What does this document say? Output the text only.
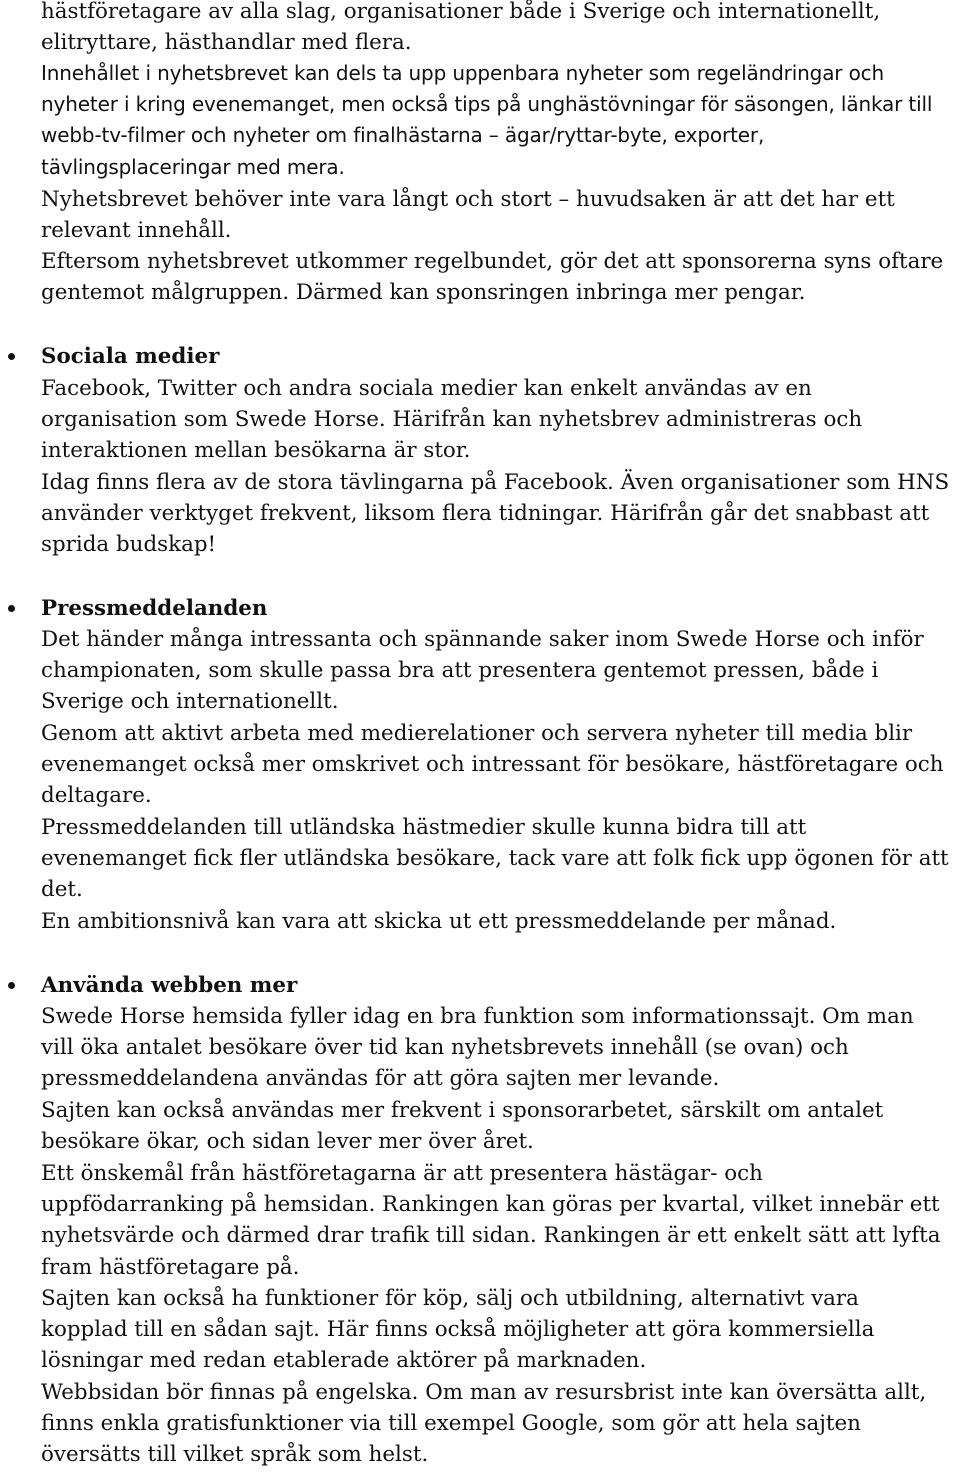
hästföretagare av alla slag, organisationer både i Sverige och internationellt, elitryttare, hästhandlar med flera.

Innehållet i nyhetsbrevet kan dels ta upp uppenbara nyheter som regeländringar och nyheter i kring evenemanget, men också tips på unghästövningar för säsongen, länkar till webb-tv-filmer och nyheter om finalhästarna – ägar/ryttar-byte, exporter, tävlingsplaceringar med mera.

Nyhetsbrevet behöver inte vara långt och stort – huvudsaken är att det har ett relevant innehåll.

Eftersom nyhetsbrevet utkommer regelbundet, gör det att sponsorerna syns oftare gentemot målgruppen. Därmed kan sponsringen inbringa mer pengar.

Sociala medier

Facebook, Twitter och andra sociala medier kan enkelt användas av en organisation som Swede Horse. Härifrån kan nyhetsbrev administreras och interaktionen mellan besökarna är stor.

Idag finns flera av de stora tävlingarna på Facebook. Även organisationer som HNS använder verktyget frekvent, liksom flera tidningar. Härifrån går det snabbast att sprida budskap!

Pressmeddelanden

Det händer många intressanta och spännande saker inom Swede Horse och inför championaten, som skulle passa bra att presentera gentemot pressen, både i Sverige och internationellt.

Genom att aktivt arbeta med medierelationer och servera nyheter till media blir evenemanget också mer omskrivet och intressant för besökare, hästföretagare och deltagare.

Pressmeddelanden till utländska hästmedier skulle kunna bidra till att evenemanget fick fler utländska besökare, tack vare att folk fick upp ögonen för att det.

En ambitionsnivå kan vara att skicka ut ett pressmeddelande per månad.

Använda webben mer

Swede Horse hemsida fyller idag en bra funktion som informationssajt. Om man vill öka antalet besökare över tid kan nyhetsbrevets innehåll (se ovan) och pressmeddelandena användas för att göra sajten mer levande.

Sajten kan också användas mer frekvent i sponsorarbetet, särskilt om antalet besökare ökar, och sidan lever mer över året.

Ett önskemål från hästföretagarna är att presentera hästägar- och uppfödarranking på hemsidan. Rankingen kan göras per kvartal, vilket innebär ett nyhetsvärde och därmed drar trafik till sidan. Rankingen är ett enkelt sätt att lyfta fram hästföretagare på.

Sajten kan också ha funktioner för köp, sälj och utbildning, alternativt vara kopplad till en sådan sajt. Här finns också möjligheter att göra kommersiella lösningar med redan etablerade aktörer på marknaden.

Webbsidan bör finnas på engelska. Om man av resursbrist inte kan översätta allt, finns enkla gratisfunktioner via till exempel Google, som gör att hela sajten översätts till vilket språk som helst.
